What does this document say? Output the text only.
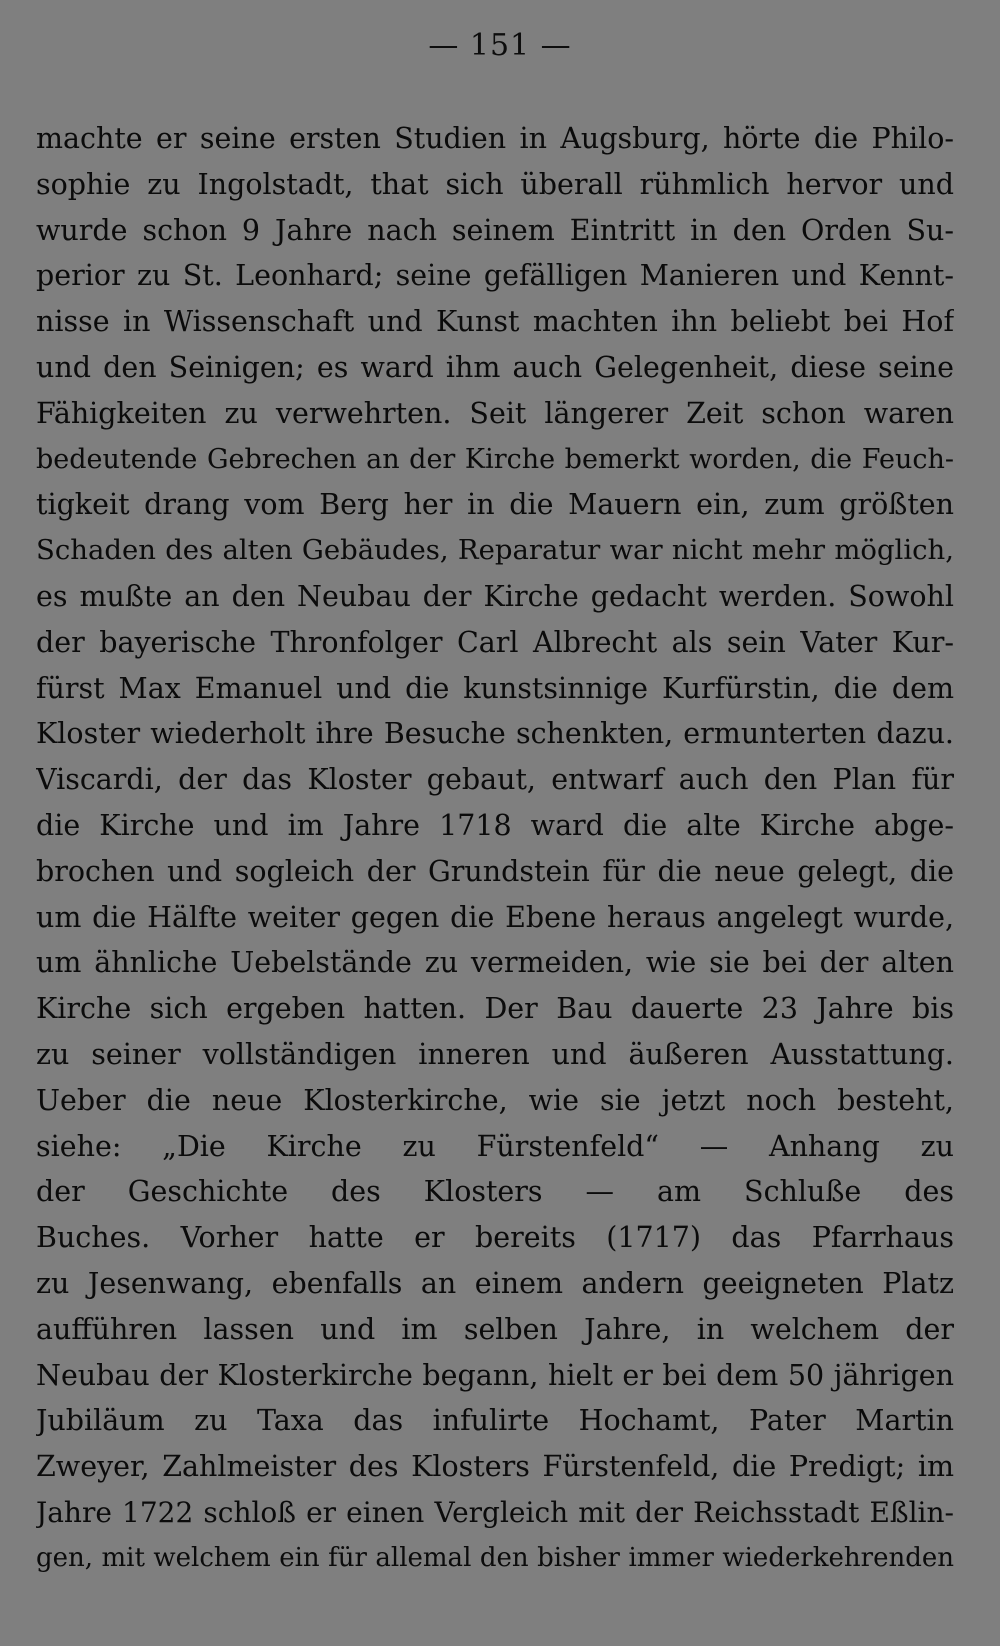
— 151 —
machte er seine ersten Studien in Augsburg, hörte die Philo-
sophie zu Ingolstadt, that sich überall rühmlich hervor und
wurde schon 9 Jahre nach seinem Eintritt in den Orden Su-
perior zu St. Leonhard; seine gefälligen Manieren und Kennt-
nisse in Wissenschaft und Kunst machten ihn beliebt bei Hof
und den Seinigen; es ward ihm auch Gelegenheit, diese seine
Fähigkeiten zu verwehrten. Seit längerer Zeit schon waren
bedeutende Gebrechen an der Kirche bemerkt worden, die Feuch-
tigkeit drang vom Berg her in die Mauern ein, zum größten
Schaden des alten Gebäudes, Reparatur war nicht mehr möglich,
es mußte an den Neubau der Kirche gedacht werden. Sowohl
der bayerische Thronfolger Carl Albrecht als sein Vater Kur-
fürst Max Emanuel und die kunstsinnige Kurfürstin, die dem
Kloster wiederholt ihre Besuche schenkten, ermunterten dazu.
Viscardi, der das Kloster gebaut, entwarf auch den Plan für
die Kirche und im Jahre 1718 ward die alte Kirche abge-
brochen und sogleich der Grundstein für die neue gelegt, die
um die Hälfte weiter gegen die Ebene heraus angelegt wurde,
um ähnliche Uebelstände zu vermeiden, wie sie bei der alten
Kirche sich ergeben hatten. Der Bau dauerte 23 Jahre bis
zu seiner vollständigen inneren und äußeren Ausstattung.
Ueber die neue Klosterkirche, wie sie jetzt noch besteht,
siehe: „Die Kirche zu Fürstenfeld“ — Anhang zu
der Geschichte des Klosters — am Schluße des
Buches. Vorher hatte er bereits (1717) das Pfarrhaus
zu Jesenwang, ebenfalls an einem andern geeigneten Platz
aufführen lassen und im selben Jahre, in welchem der
Neubau der Klosterkirche begann, hielt er bei dem 50 jährigen
Jubiläum zu Taxa das infulirte Hochamt, Pater Martin
Zweyer, Zahlmeister des Klosters Fürstenfeld, die Predigt; im
Jahre 1722 schloß er einen Vergleich mit der Reichsstadt Eßlin-
gen, mit welchem ein für allemal den bisher immer wiederkehrenden
